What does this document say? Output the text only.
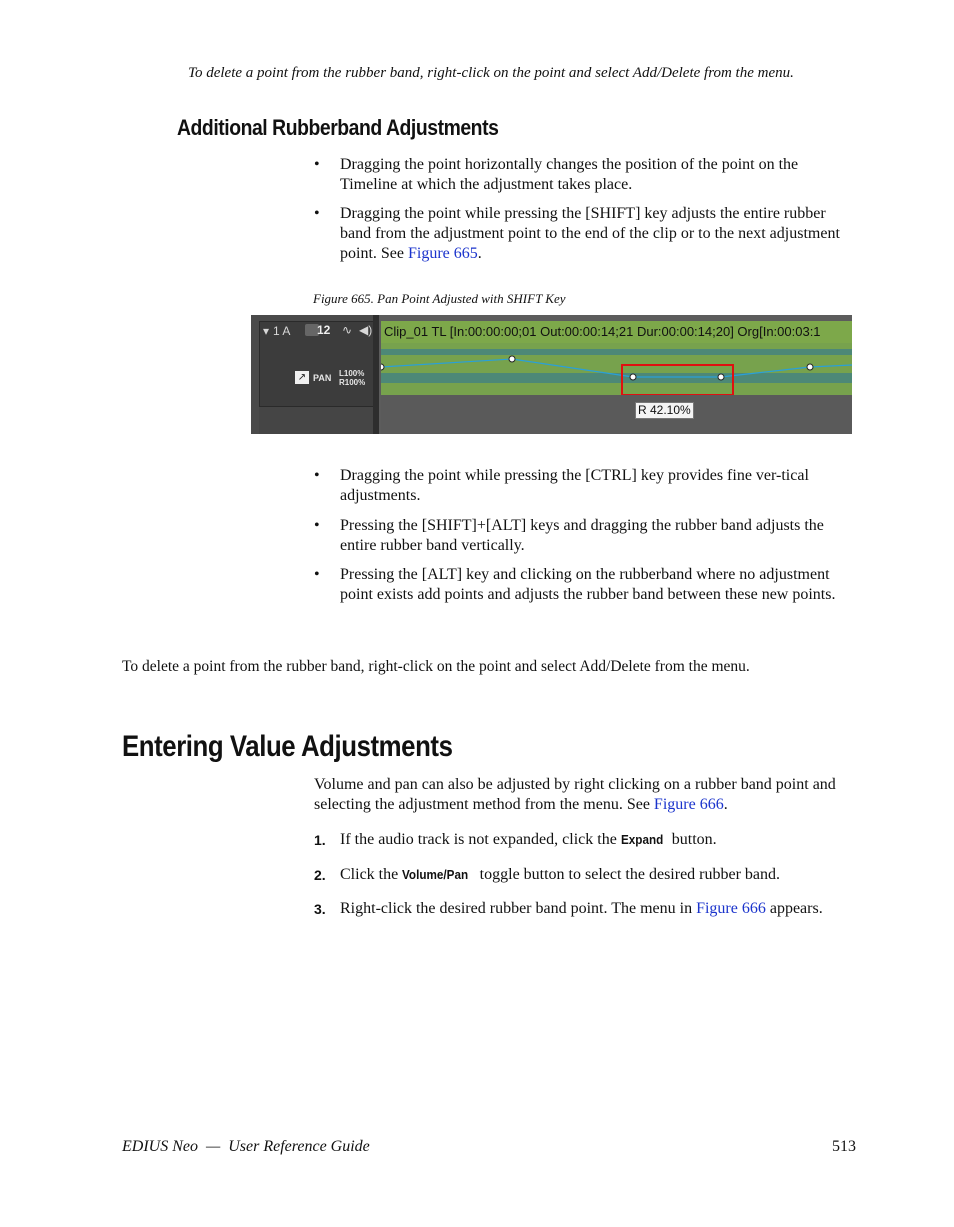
To delete a point from the rubber band, right-click on the point and select Add/Delete from the menu.
Additional Rubberband Adjustments
• Dragging the point horizontally changes the position of the point on the Timeline at which the adjustment takes place.
• Dragging the point while pressing the [SHIFT] key adjusts the entire rubber band from the adjustment point to the end of the clip or to the next adjustment point. See Figure 665.
Figure 665. Pan Point Adjusted with SHIFT Key
▾ 1 A 12 ∿ ◀)
↗ PAN L100%
R100%
Clip_01 TL [In:00:00:00;01 Out:00:00:14;21 Dur:00:00:14;20] Org[In:00:03:1
R 42.10%
• Dragging the point while pressing the [CTRL] key provides fine ver-tical adjustments.
• Pressing the [SHIFT]+[ALT] keys and dragging the rubber band adjusts the entire rubber band vertically.
• Pressing the [ALT] key and clicking on the rubberband where no adjustment point exists add points and adjusts the rubber band between these new points.
To delete a point from the rubber band, right-click on the point and select Add/Delete from the menu.
Entering Value Adjustments
Volume and pan can also be adjusted by right clicking on a rubber band point and selecting the adjustment method from the menu. See Figure 666.
1. If the audio track is not expanded, click the Expand button.
2. Click the Volume/Pan toggle button to select the desired rubber band.
3. Right-click the desired rubber band point. The menu in Figure 666 appears.
EDIUS Neo  —  User Reference Guide	513
